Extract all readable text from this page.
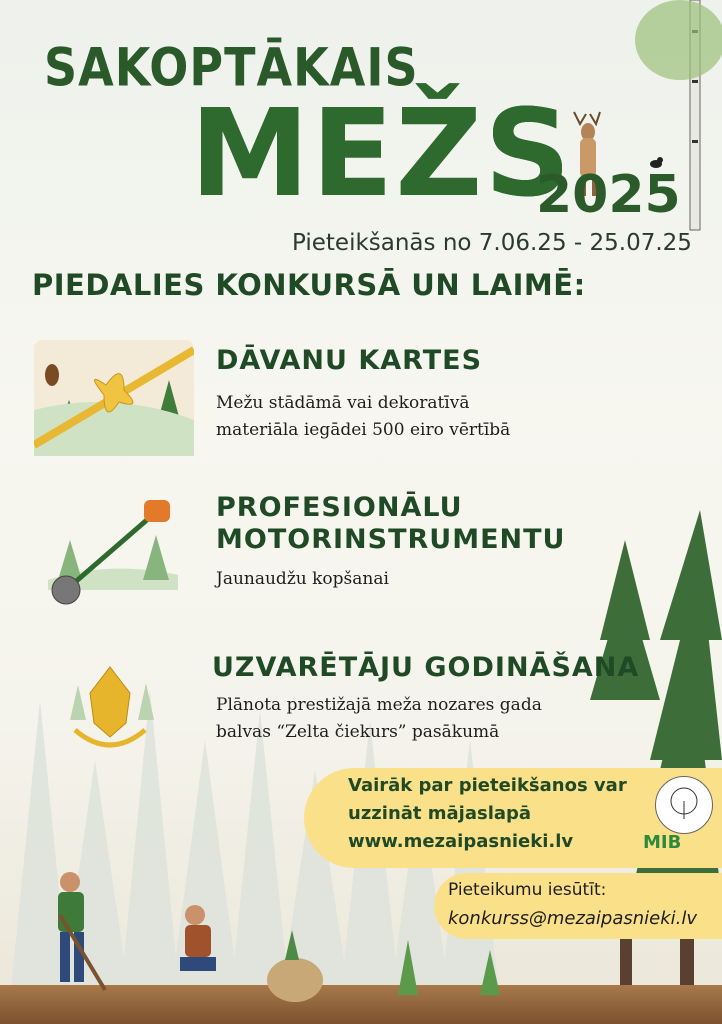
SAKOPTĀKAIS
MEŽS
2025
Pieteikšanās no 7.06.25 - 25.07.25
PIEDALIES KONKURSĀ UN LAIMĒ:
DĀVANU KARTES
Mežu stādāmā vai dekoratīvā
materiāla iegādei 500 eiro vērtībā
PROFESIONĀLU
MOTORINSTRUMENTU
Jaunaudžu kopšanai
UZVARĒTĀJU GODINĀŠANA
Plānota prestižajā meža nozares gada
balvas “Zelta čiekurs” pasākumā
Vairāk par pieteikšanos var
uzzināt mājaslapā
www.mezaipasnieki.lv	MIB
Pieteikumu iesūtīt:
konkurss@mezaipasnieki.lv
